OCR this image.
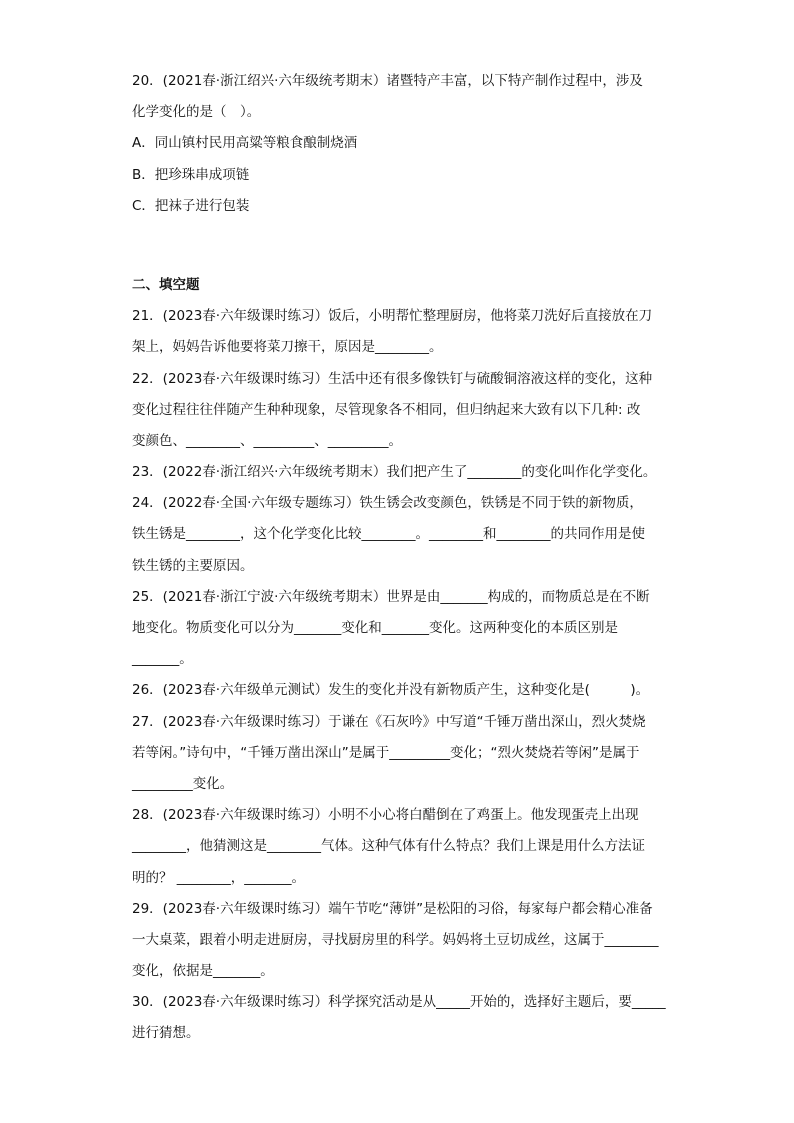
20．(2021春·浙江绍兴·六年级统考期末）诸暨特产丰富，以下特产制作过程中，涉及
化学变化的是（　）。
A．同山镇村民用高粱等粮食酿制烧酒
B．把珍珠串成项链
C．把袜子进行包装
二、填空题
21．(2023春·六年级课时练习）饭后，小明帮忙整理厨房，他将菜刀洗好后直接放在刀
架上，妈妈告诉他要将菜刀擦干，原因是________。
22．(2023春·六年级课时练习）生活中还有很多像铁钉与硫酸铜溶液这样的变化，这种
变化过程往往伴随产生种种现象，尽管现象各不相同，但归纳起来大致有以下几种: 改
变颜色、________、_________、_________。
23．(2022春·浙江绍兴·六年级统考期末）我们把产生了________的变化叫作化学变化。
24．(2022春·全国·六年级专题练习）铁生锈会改变颜色，铁锈是不同于铁的新物质，
铁生锈是________，这个化学变化比较________。________和________的共同作用是使
铁生锈的主要原因。
25．(2021春·浙江宁波·六年级统考期末）世界是由_______构成的，而物质总是在不断
地变化。物质变化可以分为_______变化和_______变化。这两种变化的本质区别是
_______。
26．(2023春·六年级单元测试）发生的变化并没有新物质产生，这种变化是(　　　)。
27．(2023春·六年级课时练习）于谦在《石灰吟》中写道“千锤万凿出深山，烈火焚烧
若等闲。”诗句中，“千锤万凿出深山”是属于_________变化；“烈火焚烧若等闲”是属于
_________变化。
28．(2023春·六年级课时练习）小明不小心将白醋倒在了鸡蛋上。他发现蛋壳上出现
________，他猜测这是________气体。这种气体有什么特点？我们上课是用什么方法证
明的？ ________，_______。
29．(2023春·六年级课时练习）端午节吃“薄饼”是松阳的习俗，每家每户都会精心准备
一大桌菜，跟着小明走进厨房，寻找厨房里的科学。妈妈将土豆切成丝，这属于________
变化，依据是_______。
30．(2023春·六年级课时练习）科学探究活动是从_____开始的，选择好主题后，要_____
进行猜想。
